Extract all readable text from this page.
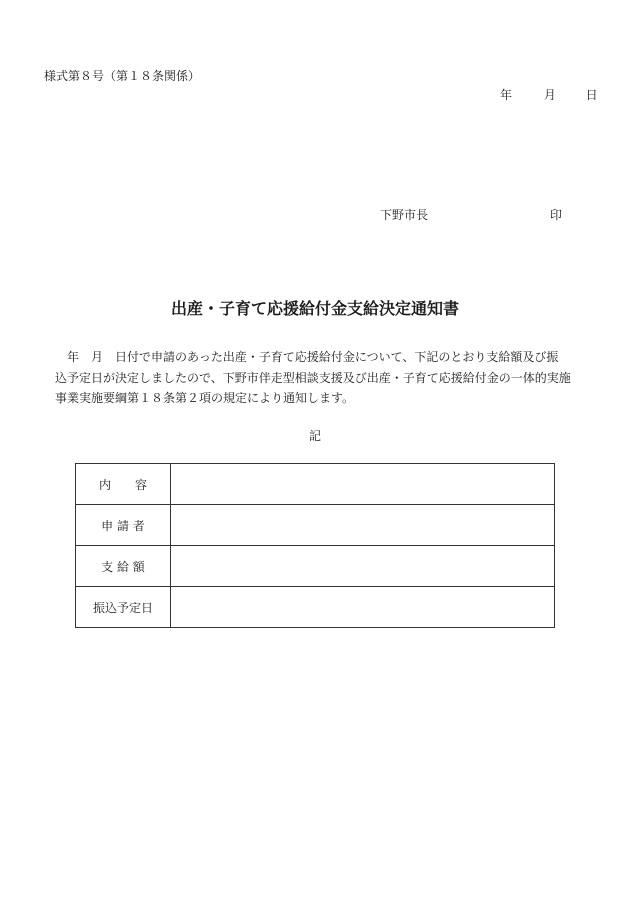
様式第８号（第１８条関係）
年	月 日
下野市長	印
出産・子育て応援給付金支給決定通知書
　年　月　日付で申請のあった出産・子育て応援給付金について、下記のとおり支給額及び振
込予定日が決定しましたので、下野市伴走型相談支援及び出産・子育て応援給付金の一体的実施
事業実施要綱第１８条第２項の規定により通知します。
記
内　　容	
申 請 者	
支 給 額	
振込予定日	
